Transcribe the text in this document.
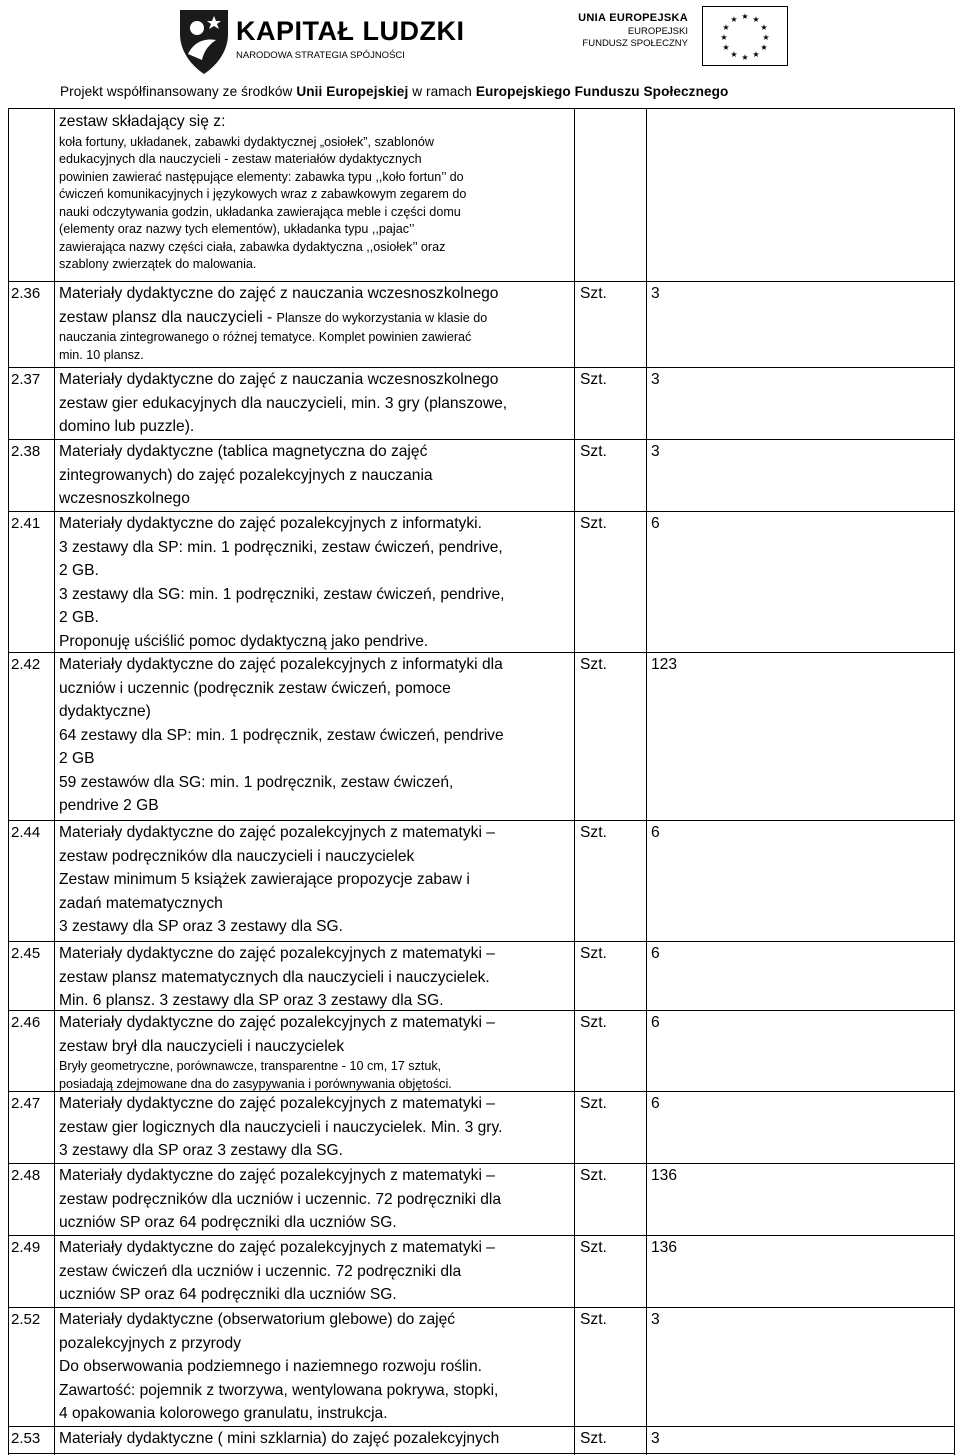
KAPITAŁ LUDZKI
NARODOWA STRATEGIA SPÓJNOŚCI
UNIA EUROPEJSKA
EUROPEJSKI
FUNDUSZ SPOŁECZNY
★ ★
★
★
★
★
★
★
★
★
★
★
Projekt współfinansowany ze środków Unii Europejskiej w ramach Europejskiego Funduszu Społecznego
zestaw składający się z:
koła fortuny, układanek, zabawki dydaktycznej „osiołek”, szablonów
edukacyjnych dla nauczycieli - zestaw materiałów dydaktycznych
powinien zawierać następujące elementy: zabawka typu ,,koło fortun’’ do
ćwiczeń komunikacyjnych i językowych wraz z zabawkowym zegarem do
nauki odczytywania godzin, układanka zawierająca meble i części domu
(elementy oraz nazwy tych elementów), układanka typu ,,pajac’’
zawierająca nazwy części ciała, zabawka dydaktyczna ,,osiołek’’ oraz
szablony zwierzątek do malowania.
2.36 Materiały dydaktyczne do zajęć z nauczania wczesnoszkolnego
zestaw plansz dla nauczycieli - Plansze do wykorzystania w klasie do
nauczania zintegrowanego o różnej tematyce. Komplet powinien zawierać
min. 10 plansz.
Szt.	3
2.37 Materiały dydaktyczne do zajęć z nauczania wczesnoszkolnego
zestaw gier edukacyjnych dla nauczycieli, min. 3 gry (planszowe,
domino lub puzzle).
Szt.	3
2.38 Materiały dydaktyczne (tablica magnetyczna do zajęć
zintegrowanych) do zajęć pozalekcyjnych z nauczania
wczesnoszkolnego
Szt.	3
2.41 Materiały dydaktyczne do zajęć pozalekcyjnych z informatyki.
3 zestawy dla SP: min. 1 podręczniki, zestaw ćwiczeń, pendrive,
2 GB.
3 zestawy dla SG: min. 1 podręczniki, zestaw ćwiczeń, pendrive,
2 GB.
Proponuję uściślić pomoc dydaktyczną jako pendrive.
Szt.	6
2.42 Materiały dydaktyczne do zajęć pozalekcyjnych z informatyki dla
uczniów i uczennic (podręcznik zestaw ćwiczeń, pomoce
dydaktyczne)
64 zestawy dla SP: min. 1 podręcznik, zestaw ćwiczeń, pendrive
2 GB
59 zestawów dla SG: min. 1 podręcznik, zestaw ćwiczeń,
pendrive 2 GB
Szt.	123
2.44 Materiały dydaktyczne do zajęć pozalekcyjnych z matematyki –
zestaw podręczników dla nauczycieli i nauczycielek
Zestaw minimum 5 książek zawierające propozycje zabaw i
zadań matematycznych
3 zestawy dla SP oraz 3 zestawy dla SG.
Szt.	6
2.45 Materiały dydaktyczne do zajęć pozalekcyjnych z matematyki –
zestaw plansz matematycznych dla nauczycieli i nauczycielek.
Min. 6 plansz. 3 zestawy dla SP oraz 3 zestawy dla SG.
Szt.	6
2.46 Materiały dydaktyczne do zajęć pozalekcyjnych z matematyki –
zestaw brył dla nauczycieli i nauczycielek
Bryły geometryczne, porównawcze, transparentne - 10 cm, 17 sztuk,
posiadają zdejmowane dna do zasypywania i porównywania objętości.
Szt.	6
2.47 Materiały dydaktyczne do zajęć pozalekcyjnych z matematyki –
zestaw gier logicznych dla nauczycieli i nauczycielek. Min. 3 gry.
3 zestawy dla SP oraz 3 zestawy dla SG.
Szt.	6
2.48 Materiały dydaktyczne do zajęć pozalekcyjnych z matematyki –
zestaw podręczników dla uczniów i uczennic. 72 podręczniki dla
uczniów SP oraz 64 podręczniki dla uczniów SG.
Szt.	136
2.49 Materiały dydaktyczne do zajęć pozalekcyjnych z matematyki –
zestaw ćwiczeń dla uczniów i uczennic. 72 podręczniki dla
uczniów SP oraz 64 podręczniki dla uczniów SG.
Szt.	136
2.52 Materiały dydaktyczne (obserwatorium glebowe) do zajęć
pozalekcyjnych z przyrody
Do obserwowania podziemnego i naziemnego rozwoju roślin.
Zawartość: pojemnik z tworzywa, wentylowana pokrywa, stopki,
4 opakowania kolorowego granulatu, instrukcja.
Szt.	3
2.53 Materiały dydaktyczne ( mini szklarnia) do zajęć pozalekcyjnych	Szt.	3
